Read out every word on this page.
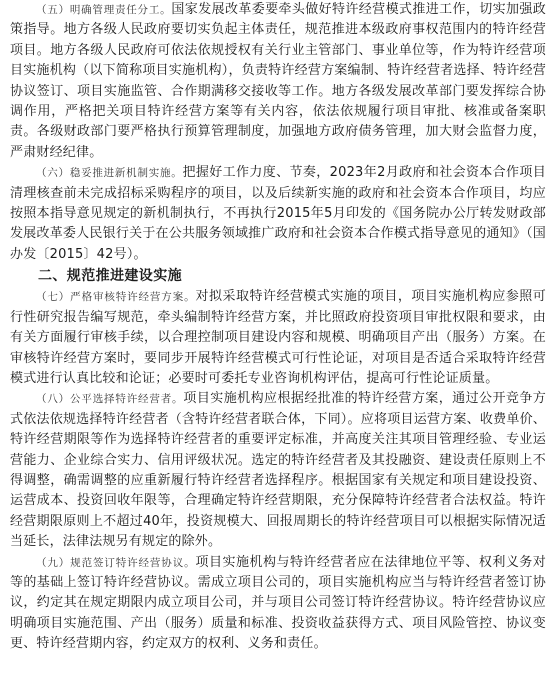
（五）明确管理责任分工。国家发展改革委要牵头做好特许经营模式推进工作，切实加强政策指导。地方各级人民政府要切实负起主体责任，规范推进本级政府事权范围内的特许经营项目。地方各级人民政府可依法依规授权有关行业主管部门、事业单位等，作为特许经营项目实施机构（以下简称项目实施机构），负责特许经营方案编制、特许经营者选择、特许经营协议签订、项目实施监管、合作期满移交接收等工作。地方各级发展改革部门要发挥综合协调作用，严格把关项目特许经营方案等有关内容，依法依规履行项目审批、核准或备案职责。各级财政部门要严格执行预算管理制度，加强地方政府债务管理，加大财会监督力度，严肃财经纪律。

（六）稳妥推进新机制实施。把握好工作力度、节奏，2023年2月政府和社会资本合作项目清理核查前未完成招标采购程序的项目，以及后续新实施的政府和社会资本合作项目，均应按照本指导意见规定的新机制执行，不再执行2015年5月印发的《国务院办公厅转发财政部发展改革委人民银行关于在公共服务领域推广政府和社会资本合作模式指导意见的通知》（国办发〔2015〕42号）。

二、规范推进建设实施

（七）严格审核特许经营方案。对拟采取特许经营模式实施的项目，项目实施机构应参照可行性研究报告编写规范，牵头编制特许经营方案，并比照政府投资项目审批权限和要求，由有关方面履行审核手续，以合理控制项目建设内容和规模、明确项目产出（服务）方案。在审核特许经营方案时，要同步开展特许经营模式可行性论证，对项目是否适合采取特许经营模式进行认真比较和论证；必要时可委托专业咨询机构评估，提高可行性论证质量。

（八）公平选择特许经营者。项目实施机构应根据经批准的特许经营方案，通过公开竞争方式依法依规选择特许经营者（含特许经营者联合体，下同）。应将项目运营方案、收费单价、特许经营期限等作为选择特许经营者的重要评定标准，并高度关注其项目管理经验、专业运营能力、企业综合实力、信用评级状况。选定的特许经营者及其投融资、建设责任原则上不得调整，确需调整的应重新履行特许经营者选择程序。根据国家有关规定和项目建设投资、运营成本、投资回收年限等，合理确定特许经营期限，充分保障特许经营者合法权益。特许经营期限原则上不超过40年，投资规模大、回报周期长的特许经营项目可以根据实际情况适当延长，法律法规另有规定的除外。

（九）规范签订特许经营协议。项目实施机构与特许经营者应在法律地位平等、权利义务对等的基础上签订特许经营协议。需成立项目公司的，项目实施机构应当与特许经营者签订协议，约定其在规定期限内成立项目公司，并与项目公司签订特许经营协议。特许经营协议应明确项目实施范围、产出（服务）质量和标准、投资收益获得方式、项目风险管控、协议变更、特许经营期内容，约定双方的权利、义务和责任。
